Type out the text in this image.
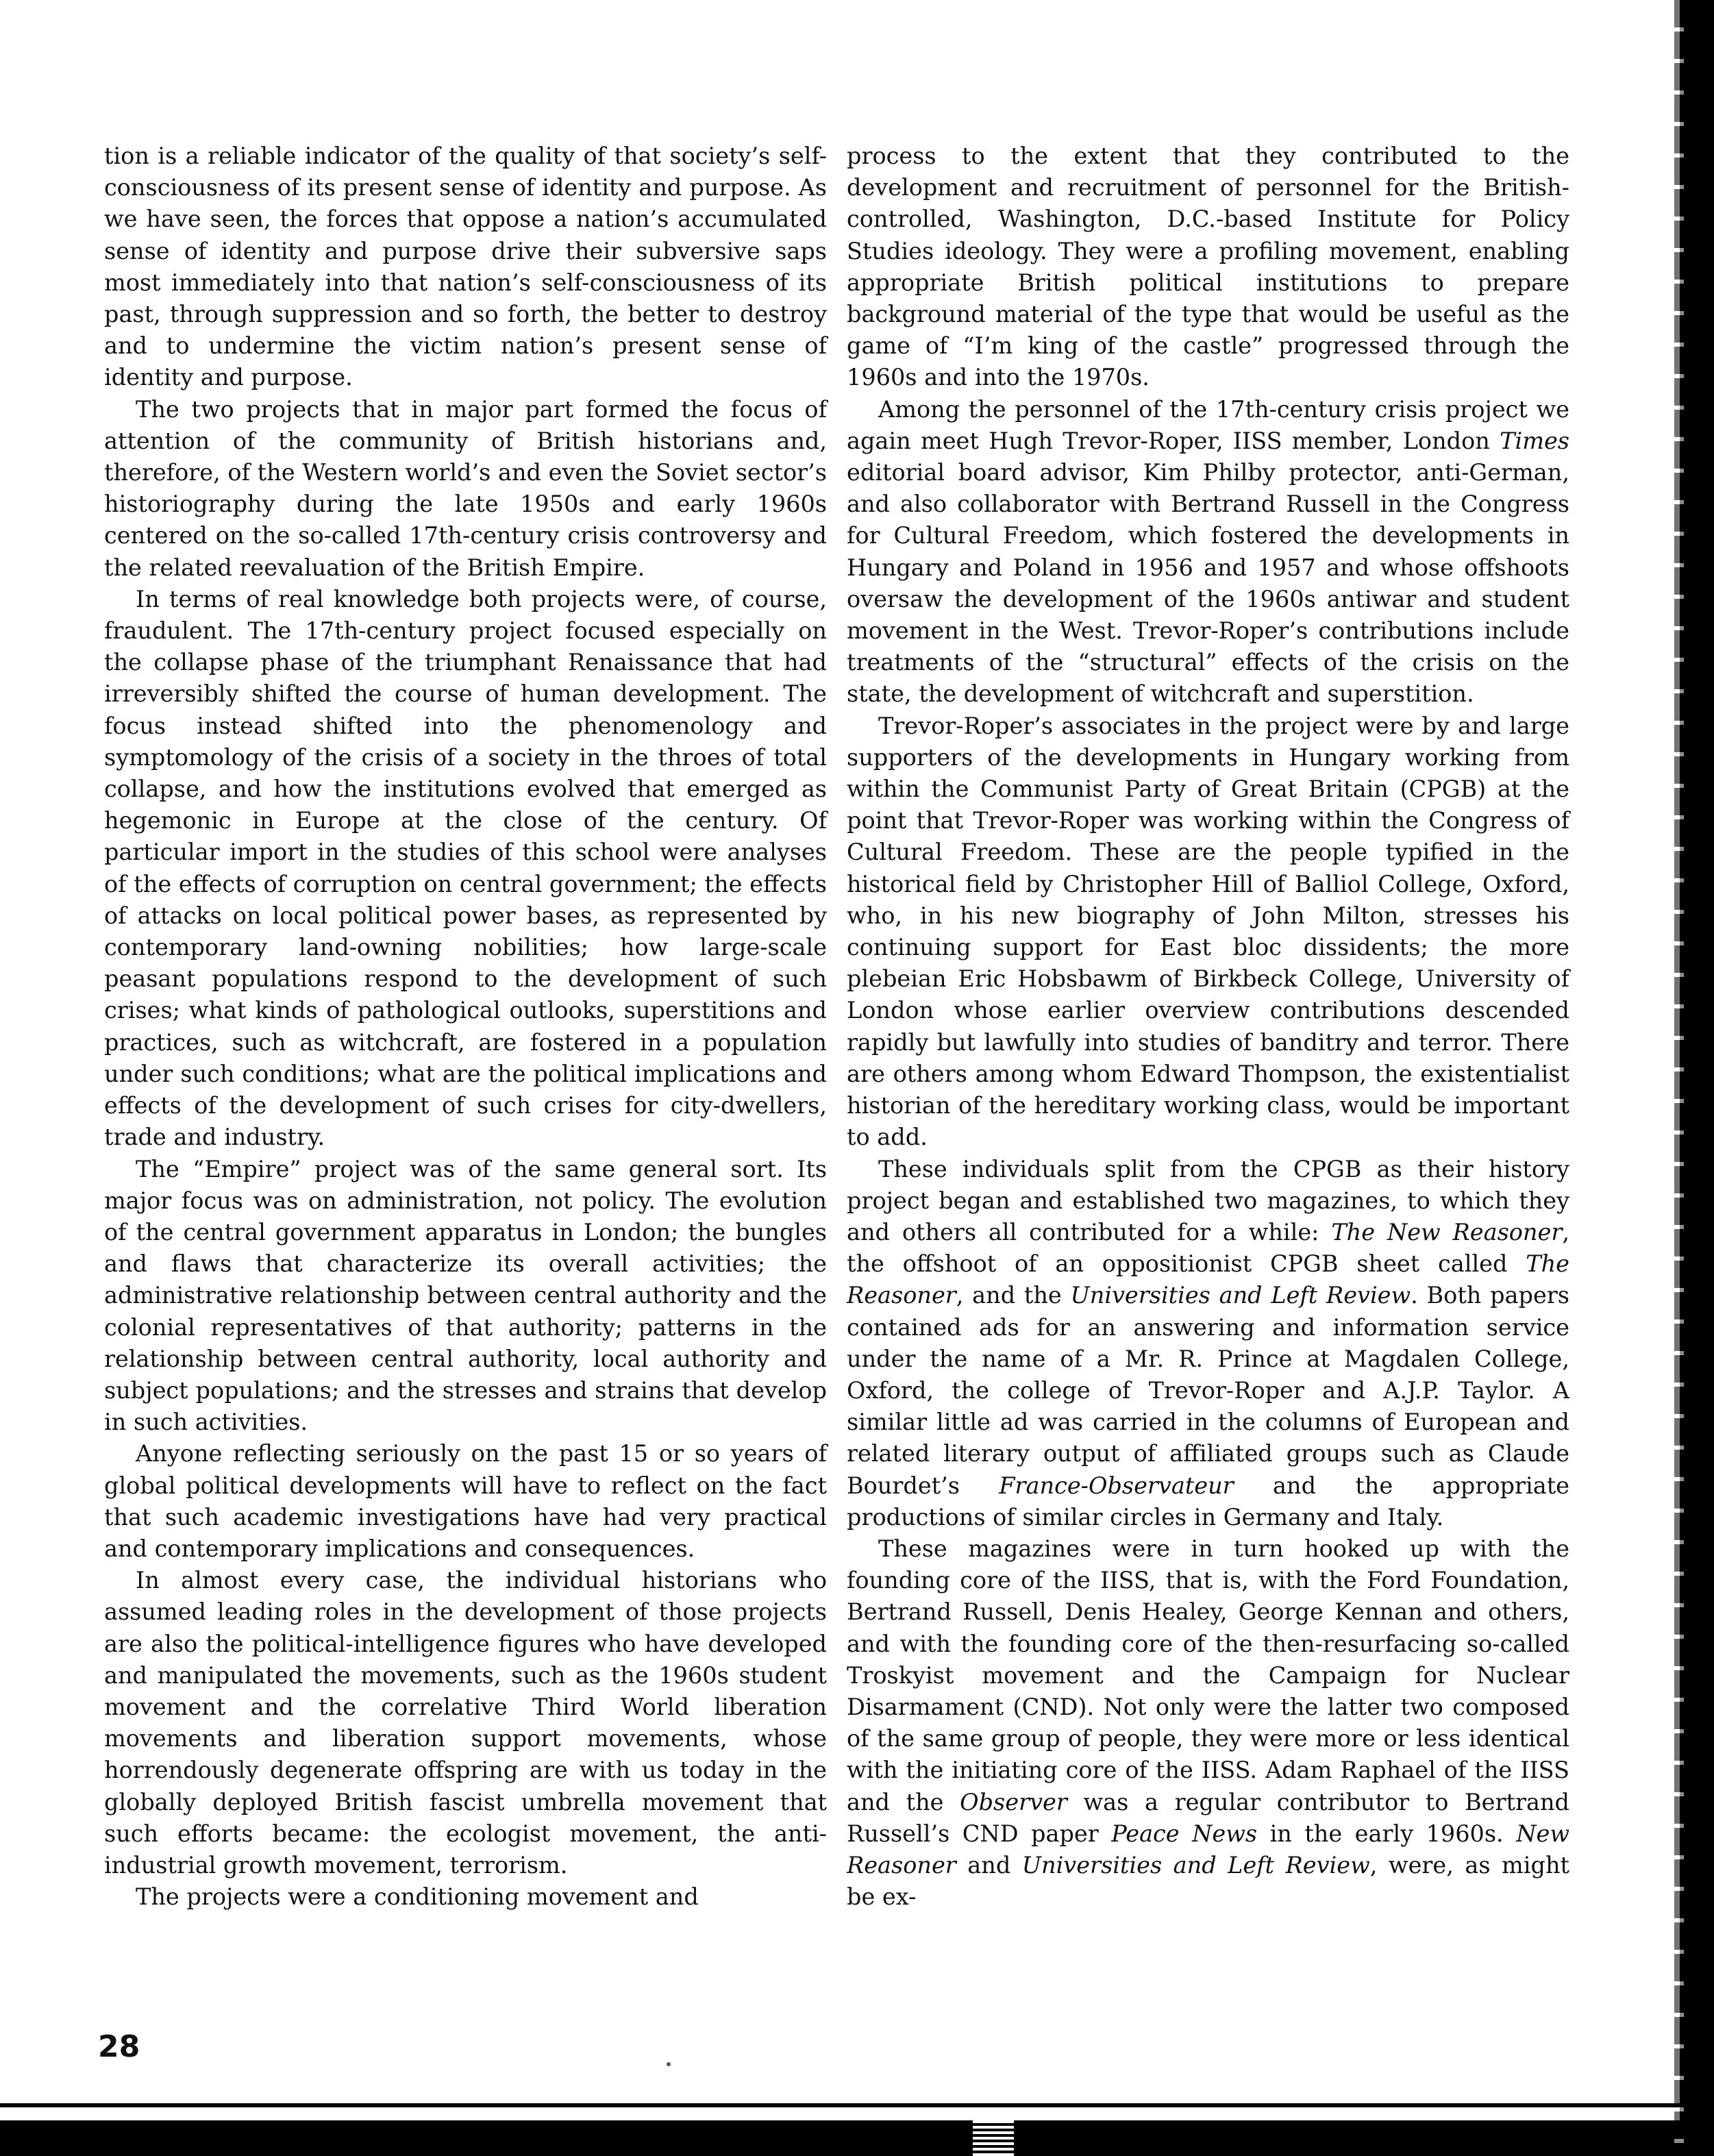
tion is a reliable indicator of the quality of that society’s self-consciousness of its present sense of identity and purpose. As we have seen, the forces that oppose a nation’s accumulated sense of identity and purpose drive their subversive saps most immediately into that nation’s self-consciousness of its past, through suppression and so forth, the better to destroy and to undermine the victim nation’s present sense of identity and purpose.

The two projects that in major part formed the focus of attention of the community of British historians and, therefore, of the Western world’s and even the Soviet sector’s historiography during the late 1950s and early 1960s centered on the so-called 17th-century crisis controversy and the related reevaluation of the British Empire.

In terms of real knowledge both projects were, of course, fraudulent. The 17th-century project focused especially on the collapse phase of the triumphant Renaissance that had irreversibly shifted the course of human development. The focus instead shifted into the phenomenology and symptomology of the crisis of a society in the throes of total collapse, and how the institutions evolved that emerged as hegemonic in Europe at the close of the century. Of particular import in the studies of this school were analyses of the effects of corruption on central government; the effects of attacks on local political power bases, as represented by contemporary land-owning nobilities; how large-scale peasant populations respond to the development of such crises; what kinds of pathological outlooks, superstitions and practices, such as witchcraft, are fostered in a population under such conditions; what are the political implications and effects of the development of such crises for city-dwellers, trade and industry.

The “Empire” project was of the same general sort. Its major focus was on administration, not policy. The evolution of the central government apparatus in London; the bungles and flaws that characterize its overall activities; the administrative relationship between central authority and the colonial representatives of that authority; patterns in the relationship between central authority, local authority and subject populations; and the stresses and strains that develop in such activities.

Anyone reflecting seriously on the past 15 or so years of global political developments will have to reflect on the fact that such academic investigations have had very practical and contemporary implications and consequences.

In almost every case, the individual historians who assumed leading roles in the development of those projects are also the political-intelligence figures who have developed and manipulated the movements, such as the 1960s student movement and the correlative Third World liberation movements and liberation support movements, whose horrendously degenerate offspring are with us today in the globally deployed British fascist umbrella movement that such efforts became: the ecologist movement, the anti-industrial growth movement, terrorism.

The projects were a conditioning movement and

process to the extent that they contributed to the development and recruitment of personnel for the British-controlled, Washington, D.C.-based Institute for Policy Studies ideology. They were a profiling movement, enabling appropriate British political institutions to prepare background material of the type that would be useful as the game of “I’m king of the castle” progressed through the 1960s and into the 1970s.

Among the personnel of the 17th-century crisis project we again meet Hugh Trevor-Roper, IISS member, London Times editorial board advisor, Kim Philby protector, anti-German, and also collaborator with Bertrand Russell in the Congress for Cultural Freedom, which fostered the developments in Hungary and Poland in 1956 and 1957 and whose offshoots oversaw the development of the 1960s antiwar and student movement in the West. Trevor-Roper’s contributions include treatments of the “structural” effects of the crisis on the state, the development of witchcraft and superstition.

Trevor-Roper’s associates in the project were by and large supporters of the developments in Hungary working from within the Communist Party of Great Britain (CPGB) at the point that Trevor-Roper was working within the Congress of Cultural Freedom. These are the people typified in the historical field by Christopher Hill of Balliol College, Oxford, who, in his new biography of John Milton, stresses his continuing support for East bloc dissidents; the more plebeian Eric Hobsbawm of Birkbeck College, University of London whose earlier overview contributions descended rapidly but lawfully into studies of banditry and terror. There are others among whom Edward Thompson, the existentialist historian of the hereditary working class, would be important to add.

These individuals split from the CPGB as their history project began and established two magazines, to which they and others all contributed for a while: The New Reasoner, the offshoot of an oppositionist CPGB sheet called The Reasoner, and the Universities and Left Review. Both papers contained ads for an answering and information service under the name of a Mr. R. Prince at Magdalen College, Oxford, the college of Trevor-Roper and A.J.P. Taylor. A similar little ad was carried in the columns of European and related literary output of affiliated groups such as Claude Bourdet’s France-Observateur and the appropriate productions of similar circles in Germany and Italy.

These magazines were in turn hooked up with the founding core of the IISS, that is, with the Ford Foundation, Bertrand Russell, Denis Healey, George Kennan and others, and with the founding core of the then-resurfacing so-called Troskyist movement and the Campaign for Nuclear Disarmament (CND). Not only were the latter two composed of the same group of people, they were more or less identical with the initiating core of the IISS. Adam Raphael of the IISS and the Observer was a regular contributor to Bertrand Russell’s CND paper Peace News in the early 1960s. New Reasoner and Universities and Left Review, were, as might be ex-

28
